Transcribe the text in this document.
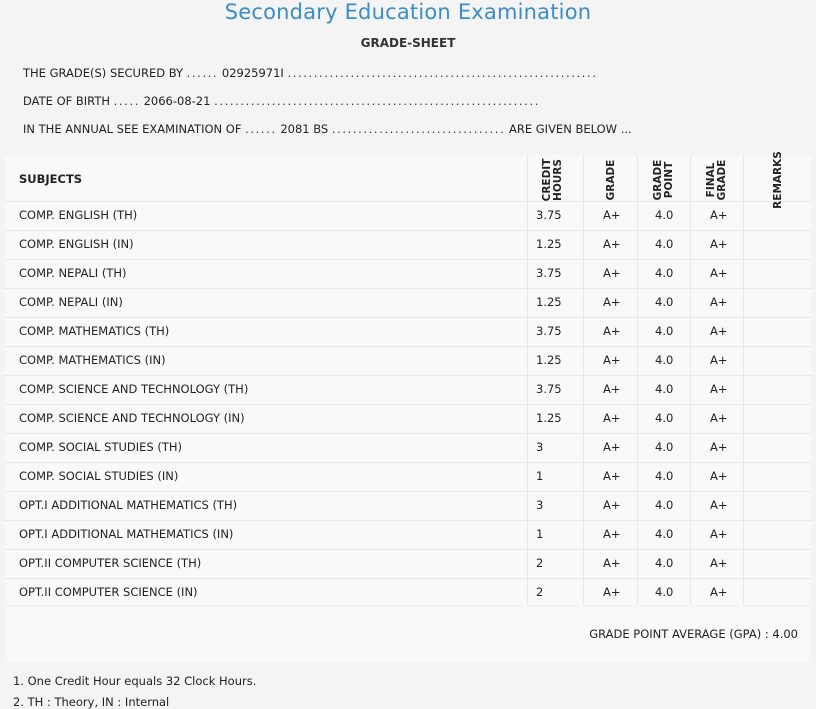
Secondary Education Examination
GRADE-SHEET
THE GRADE(S) SECURED BY ...... 02925971I ...........................................................
DATE OF BIRTH ..... 2066-08-21 ..............................................................
IN THE ANNUAL SEE EXAMINATION OF ...... 2081 BS ................................. ARE GIVEN BELOW ...
SUBJECTS	CREDIT HOURS	GRADE	GRADE POINT	FINAL GRADE	REMARKS
COMP. ENGLISH (TH)	3.75	A+	4.0	A+
COMP. ENGLISH (IN)	1.25	A+	4.0	A+
COMP. NEPALI (TH)	3.75	A+	4.0	A+
COMP. NEPALI (IN)	1.25	A+	4.0	A+
COMP. MATHEMATICS (TH)	3.75	A+	4.0	A+
COMP. MATHEMATICS (IN)	1.25	A+	4.0	A+
COMP. SCIENCE AND TECHNOLOGY (TH)	3.75	A+	4.0	A+
COMP. SCIENCE AND TECHNOLOGY (IN)	1.25	A+	4.0	A+
COMP. SOCIAL STUDIES (TH)	3	A+	4.0	A+
COMP. SOCIAL STUDIES (IN)	1	A+	4.0	A+
OPT.I ADDITIONAL MATHEMATICS (TH)	3	A+	4.0	A+
OPT.I ADDITIONAL MATHEMATICS (IN)	1	A+	4.0	A+
OPT.II COMPUTER SCIENCE (TH)	2	A+	4.0	A+
OPT.II COMPUTER SCIENCE (IN)	2	A+	4.0	A+
GRADE POINT AVERAGE (GPA) : 4.00
1. One Credit Hour equals 32 Clock Hours.
2. TH : Theory, IN : Internal
